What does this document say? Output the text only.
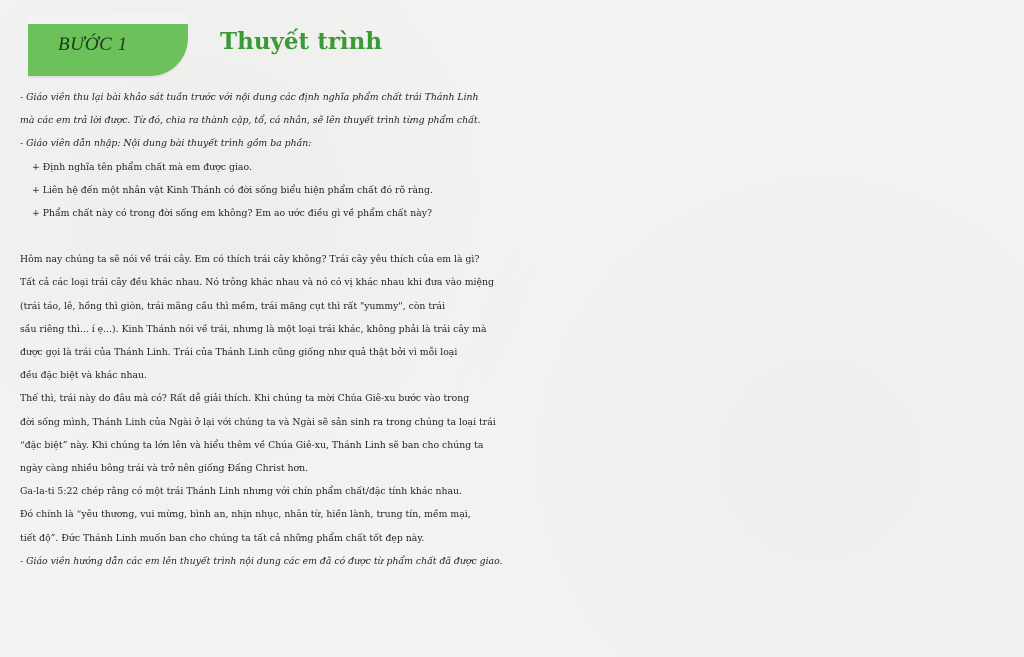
BƯỚC 1	Thuyết trình
- Giáo viên thu lại bài khảo sát tuần trước với nội dung các định nghĩa phẩm chất trái Thánh Linh
mà các em trả lời được. Từ đó, chia ra thành cặp, tổ, cá nhân, sẽ lên thuyết trình từng phẩm chất.
- Giáo viên dẫn nhập: Nội dung bài thuyết trình gồm ba phần:
+ Định nghĩa tên phẩm chất mà em được giao.
+ Liên hệ đến một nhân vật Kinh Thánh có đời sống biểu hiện phẩm chất đó rõ ràng.
+ Phẩm chất này có trong đời sống em không? Em ao ước điều gì về phẩm chất này?
Hôm nay chúng ta sẽ nói về trái cây. Em có thích trái cây không? Trái cây yêu thích của em là gì?
Tất cả các loại trái cây đều khác nhau. Nó trông khác nhau và nó có vị khác nhau khi đưa vào miệng
(trái táo, lê, hồng thì giòn, trái mãng cầu thì mềm, trái măng cụt thì rất "yummy", còn trái
sầu riêng thì... í ẹ...). Kinh Thánh nói về trái, nhưng là một loại trái khác, không phải là trái cây mà
được gọi là trái của Thánh Linh. Trái của Thánh Linh cũng giống như quả thật bởi vì mỗi loại
đều đặc biệt và khác nhau.
Thế thì, trái này do đâu mà có? Rất dễ giải thích. Khi chúng ta mời Chúa Giê-xu bước vào trong
đời sống mình, Thánh Linh của Ngài ở lại với chúng ta và Ngài sẽ sản sinh ra trong chúng ta loại trái
“đặc biệt” này. Khi chúng ta lớn lên và hiểu thêm về Chúa Giê-xu, Thánh Linh sẽ ban cho chúng ta
ngày càng nhiều bông trái và trở nên giống Đấng Christ hơn.
Ga-la-ti 5:22 chép rằng có một trái Thánh Linh nhưng với chín phẩm chất/đặc tính khác nhau.
Đó chính là “yêu thương, vui mừng, bình an, nhịn nhục, nhân từ, hiền lành, trung tín, mềm mại,
tiết độ”. Đức Thánh Linh muốn ban cho chúng ta tất cả những phẩm chất tốt đẹp này.
- Giáo viên hướng dẫn các em lên thuyết trình nội dung các em đã có được từ phẩm chất đã được giao.
